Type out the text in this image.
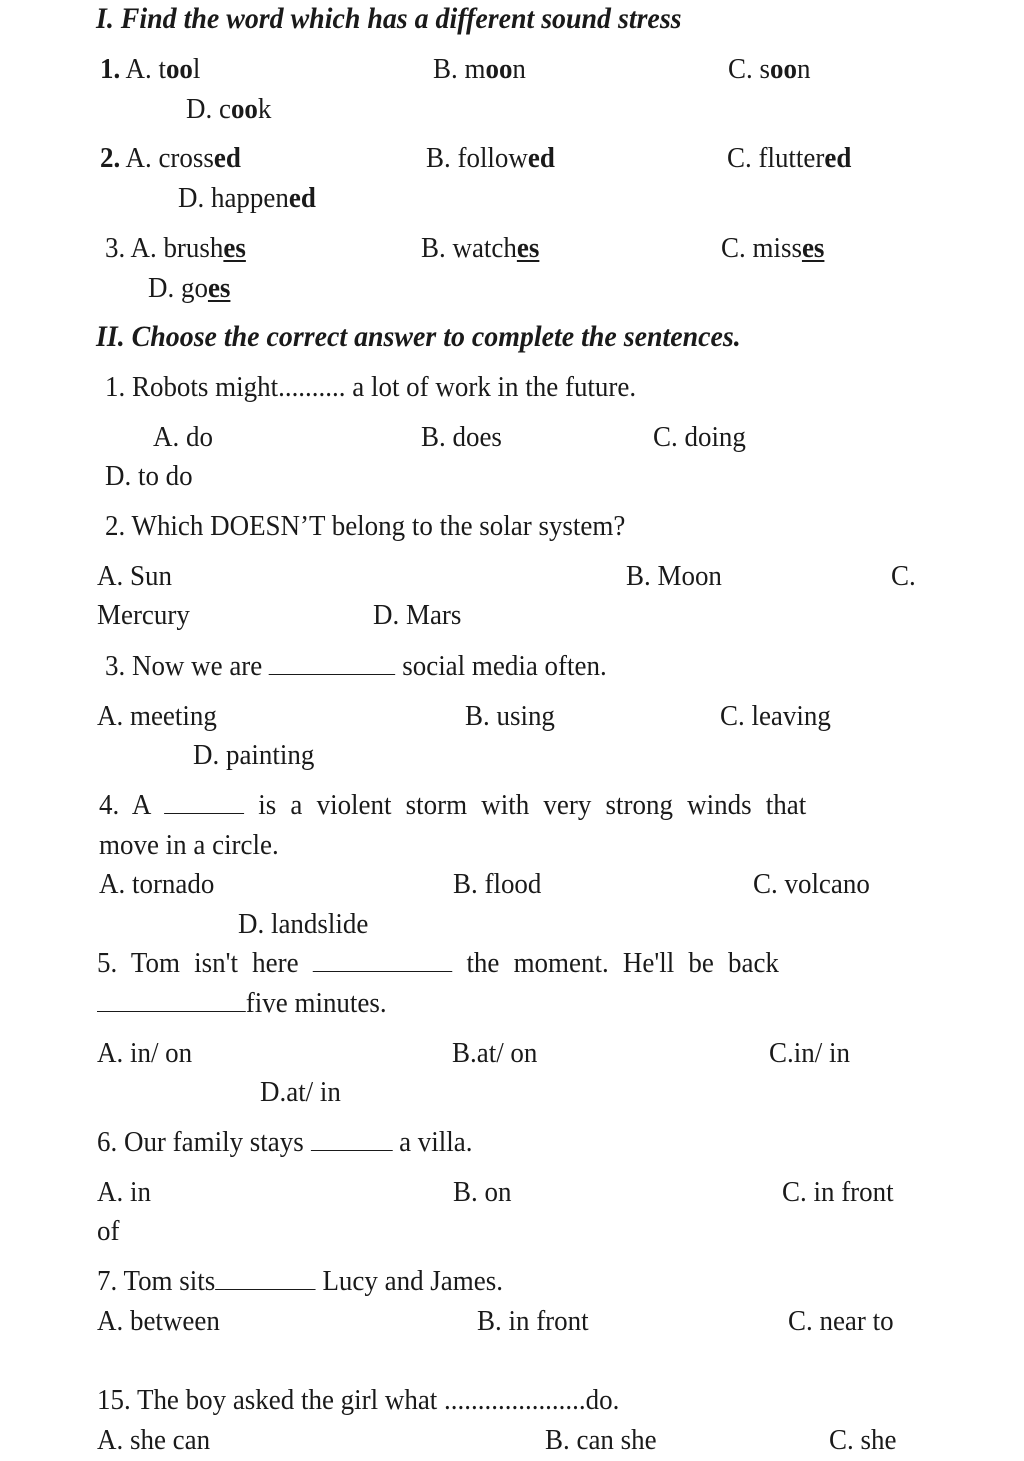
I. Find the word which has a different sound stress
1. A. tool	B. moon	C. soon
D. cook
2. A. crossed	B. followed	C. fluttered
D. happened
3. A. brushes	B. watches	C. misses
D. goes
II. Choose the correct answer to complete the sentences.
1. Robots might.......... a lot of work in the future.
A. do	B. does	C. doing
D. to do
2. Which DOESN’T belong to the solar system?
A. Sun	B. Moon	C.
Mercury	D. Mars
3. Now we are	social media often.
A. meeting	B. using	C. leaving
D. painting
4. A	is a violent storm with very strong winds that
move in a circle.
A. tornado	B. flood	C. volcano
D. landslide
5. Tom isn't here	the moment. He'll be back
five minutes.
A. in/ on	B.at/ on	C.in/ in
D.at/ in
6. Our family stays	a villa.
A. in	B. on	C. in front
of
7. Tom sits	Lucy and James.
A. between	B. in front	C. near to
15. The boy asked the girl what .....................do.
A. she can	B. can she	C. she
